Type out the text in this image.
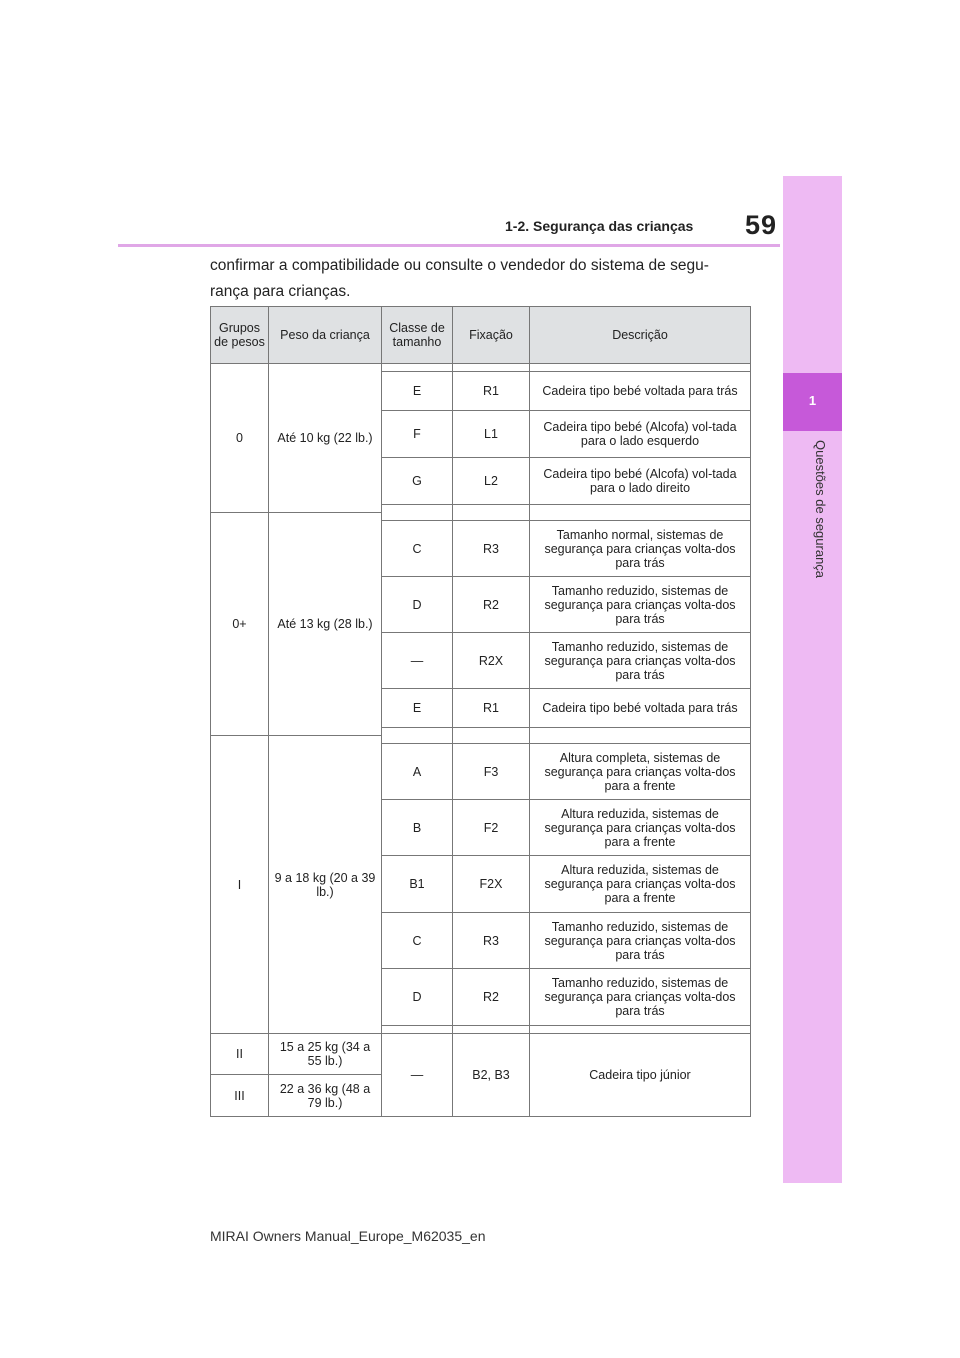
59
1-2. Segurança das crianças
1
Questões de segurança

confirmar a compatibilidade ou consulte o vendedor do sistema de segu-
rança para crianças.

Grupos de pesos	Peso da criança	Classe de tamanho	Fixação	Descrição
0	Até 10 kg (22 lb.)			
		E	R1	Cadeira tipo bebé voltada para trás
		F	L1	Cadeira tipo bebé (Alcofa) vol-tada para o lado esquerdo
		G	L2	Cadeira tipo bebé (Alcofa) vol-tada para o lado direito

0+	Até 13 kg (28 lb.)			
		C	R3	Tamanho normal, sistemas de segurança para crianças volta-dos para trás
		D	R2	Tamanho reduzido, sistemas de segurança para crianças volta-dos para trás
		—	R2X	Tamanho reduzido, sistemas de segurança para crianças volta-dos para trás
		E	R1	Cadeira tipo bebé voltada para trás

I	9 a 18 kg (20 a 39 lb.)			
		A	F3	Altura completa, sistemas de segurança para crianças volta-dos para a frente
		B	F2	Altura reduzida, sistemas de segurança para crianças volta-dos para a frente
		B1	F2X	Altura reduzida, sistemas de segurança para crianças volta-dos para a frente
		C	R3	Tamanho reduzido, sistemas de segurança para crianças volta-dos para trás
		D	R2	Tamanho reduzido, sistemas de segurança para crianças volta-dos para trás

II	15 a 25 kg (34 a 55 lb.)	—	B2, B3	Cadeira tipo júnior
III	22 a 36 kg (48 a 79 lb.)			
MIRAI Owners Manual_Europe_M62035_en
